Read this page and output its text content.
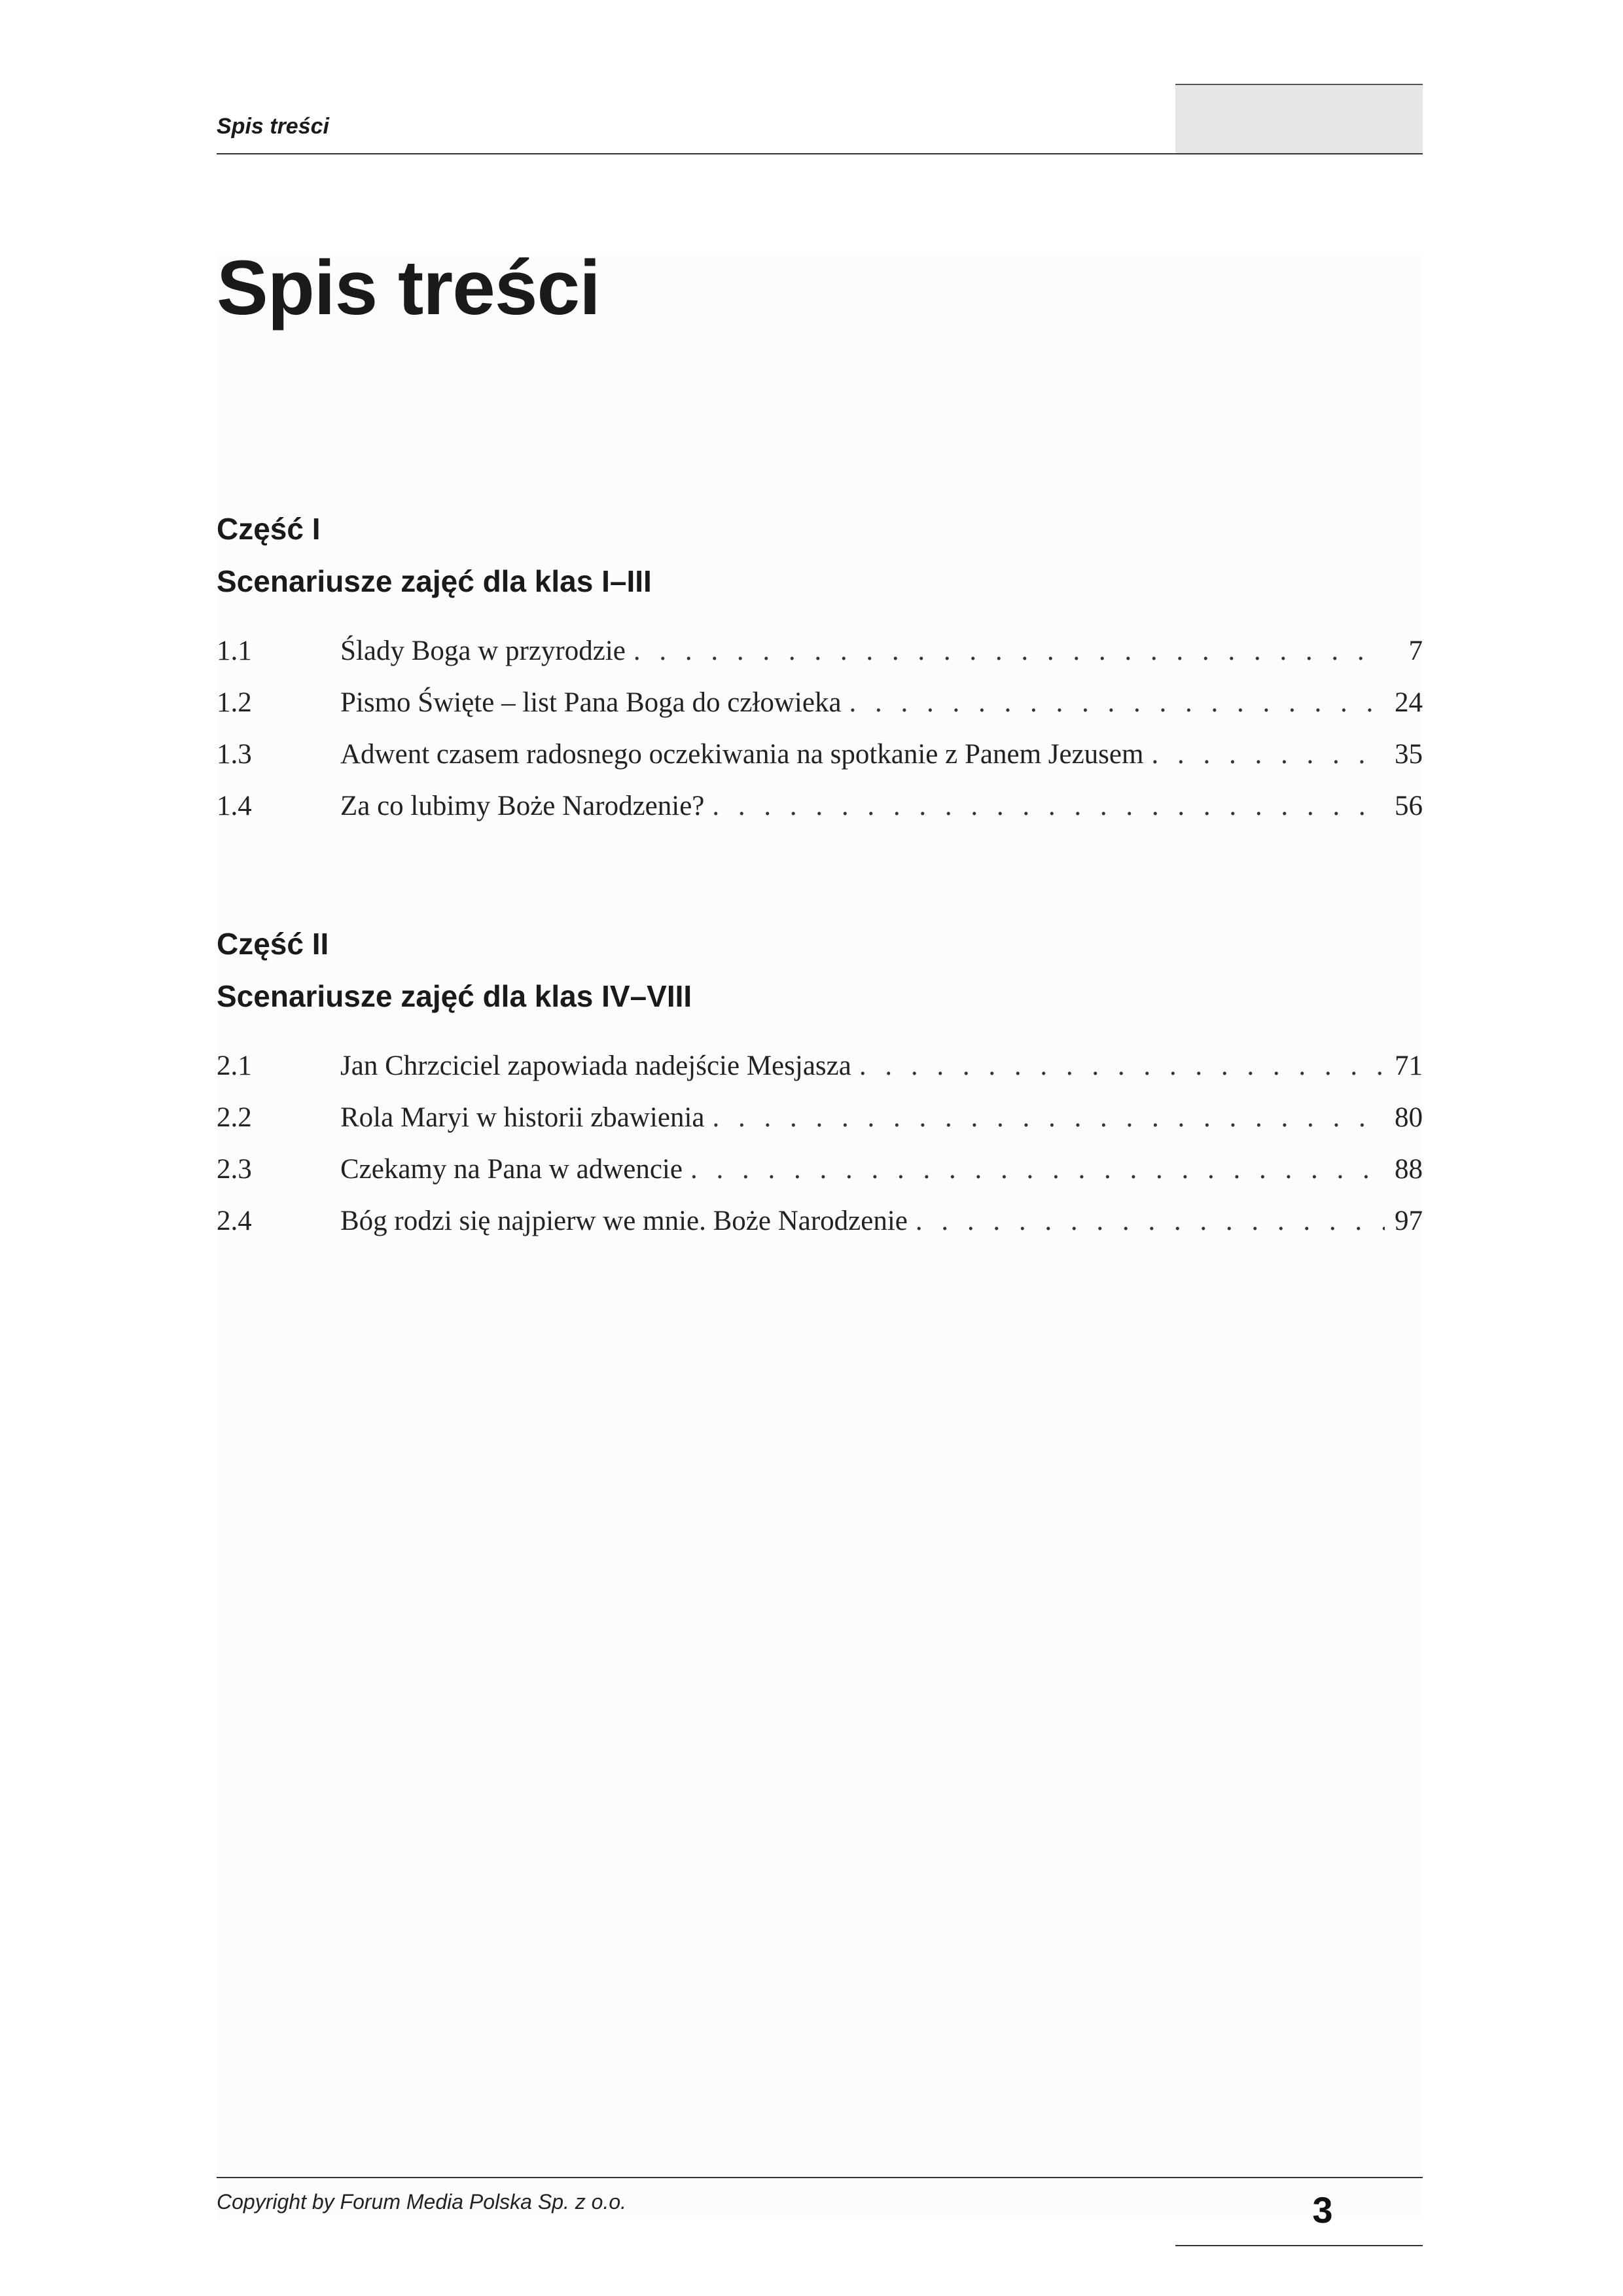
Spis treści
Spis treści
Część I
Scenariusze zajęć dla klas I–III
1.1	Ślady Boga w przyrodzie . . .	7
1.2	Pismo Święte – list Pana Boga do człowieka . . .	24
1.3	Adwent czasem radosnego oczekiwania na spotkanie z Panem Jezusem . . .	35
1.4	Za co lubimy Boże Narodzenie? . . .	56
Część II
Scenariusze zajęć dla klas IV–VIII
2.1	Jan Chrzciciel zapowiada nadejście Mesjasza . . .	71
2.2	Rola Maryi w historii zbawienia . . .	80
2.3	Czekamy na Pana w adwencie . . .	88
2.4	Bóg rodzi się najpierw we mnie. Boże Narodzenie . . .	97
Copyright by Forum Media Polska Sp. z o.o.	3
